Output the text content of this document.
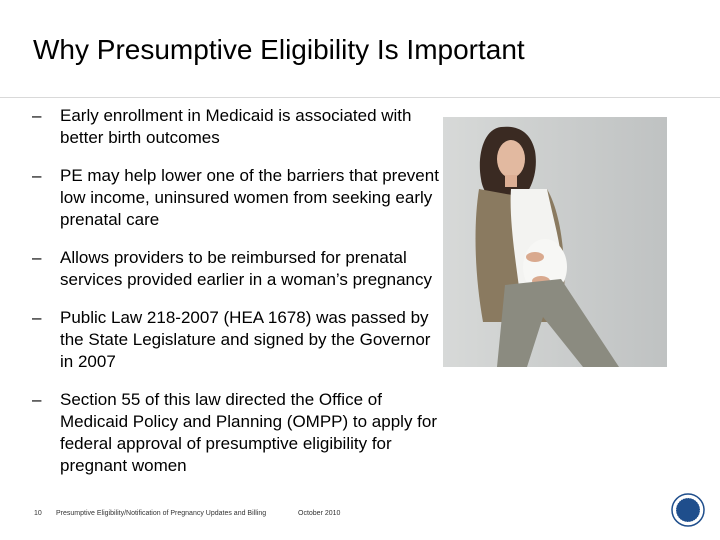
Why Presumptive Eligibility Is Important
–	Early enrollment in Medicaid is associated with better birth outcomes
–	PE may help lower one of the barriers that prevent low income, uninsured women from seeking early prenatal care
–	Allows providers to be reimbursed for prenatal services provided earlier in a woman’s pregnancy
–	Public Law 218-2007 (HEA 1678) was passed by the State Legislature and signed by the Governor in 2007
–	Section 55 of this law directed the Office of Medicaid Policy and Planning (OMPP) to apply for federal approval of presumptive eligibility for pregnant women
10 Presumptive Eligibility/Notification of Pregnancy Updates and Billing	October 2010
